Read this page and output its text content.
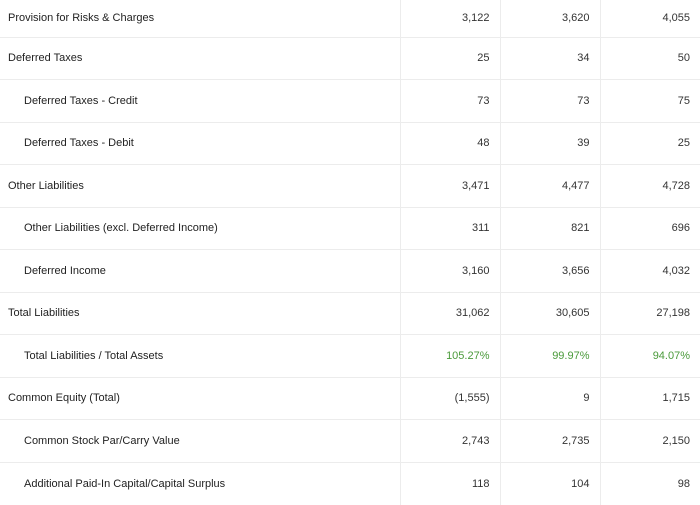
Provision for Risks & Charges	3,122	3,620	4,055
Deferred Taxes	25	34	50
Deferred Taxes - Credit	73	73	75
Deferred Taxes - Debit	48	39	25
Other Liabilities	3,471	4,477	4,728
Other Liabilities (excl. Deferred Income)	311	821	696
Deferred Income	3,160	3,656	4,032
Total Liabilities	31,062	30,605	27,198
Total Liabilities / Total Assets	105.27%	99.97%	94.07%
Common Equity (Total)	(1,555)	9	1,715
Common Stock Par/Carry Value	2,743	2,735	2,150
Additional Paid-In Capital/Capital Surplus	118	104	98
